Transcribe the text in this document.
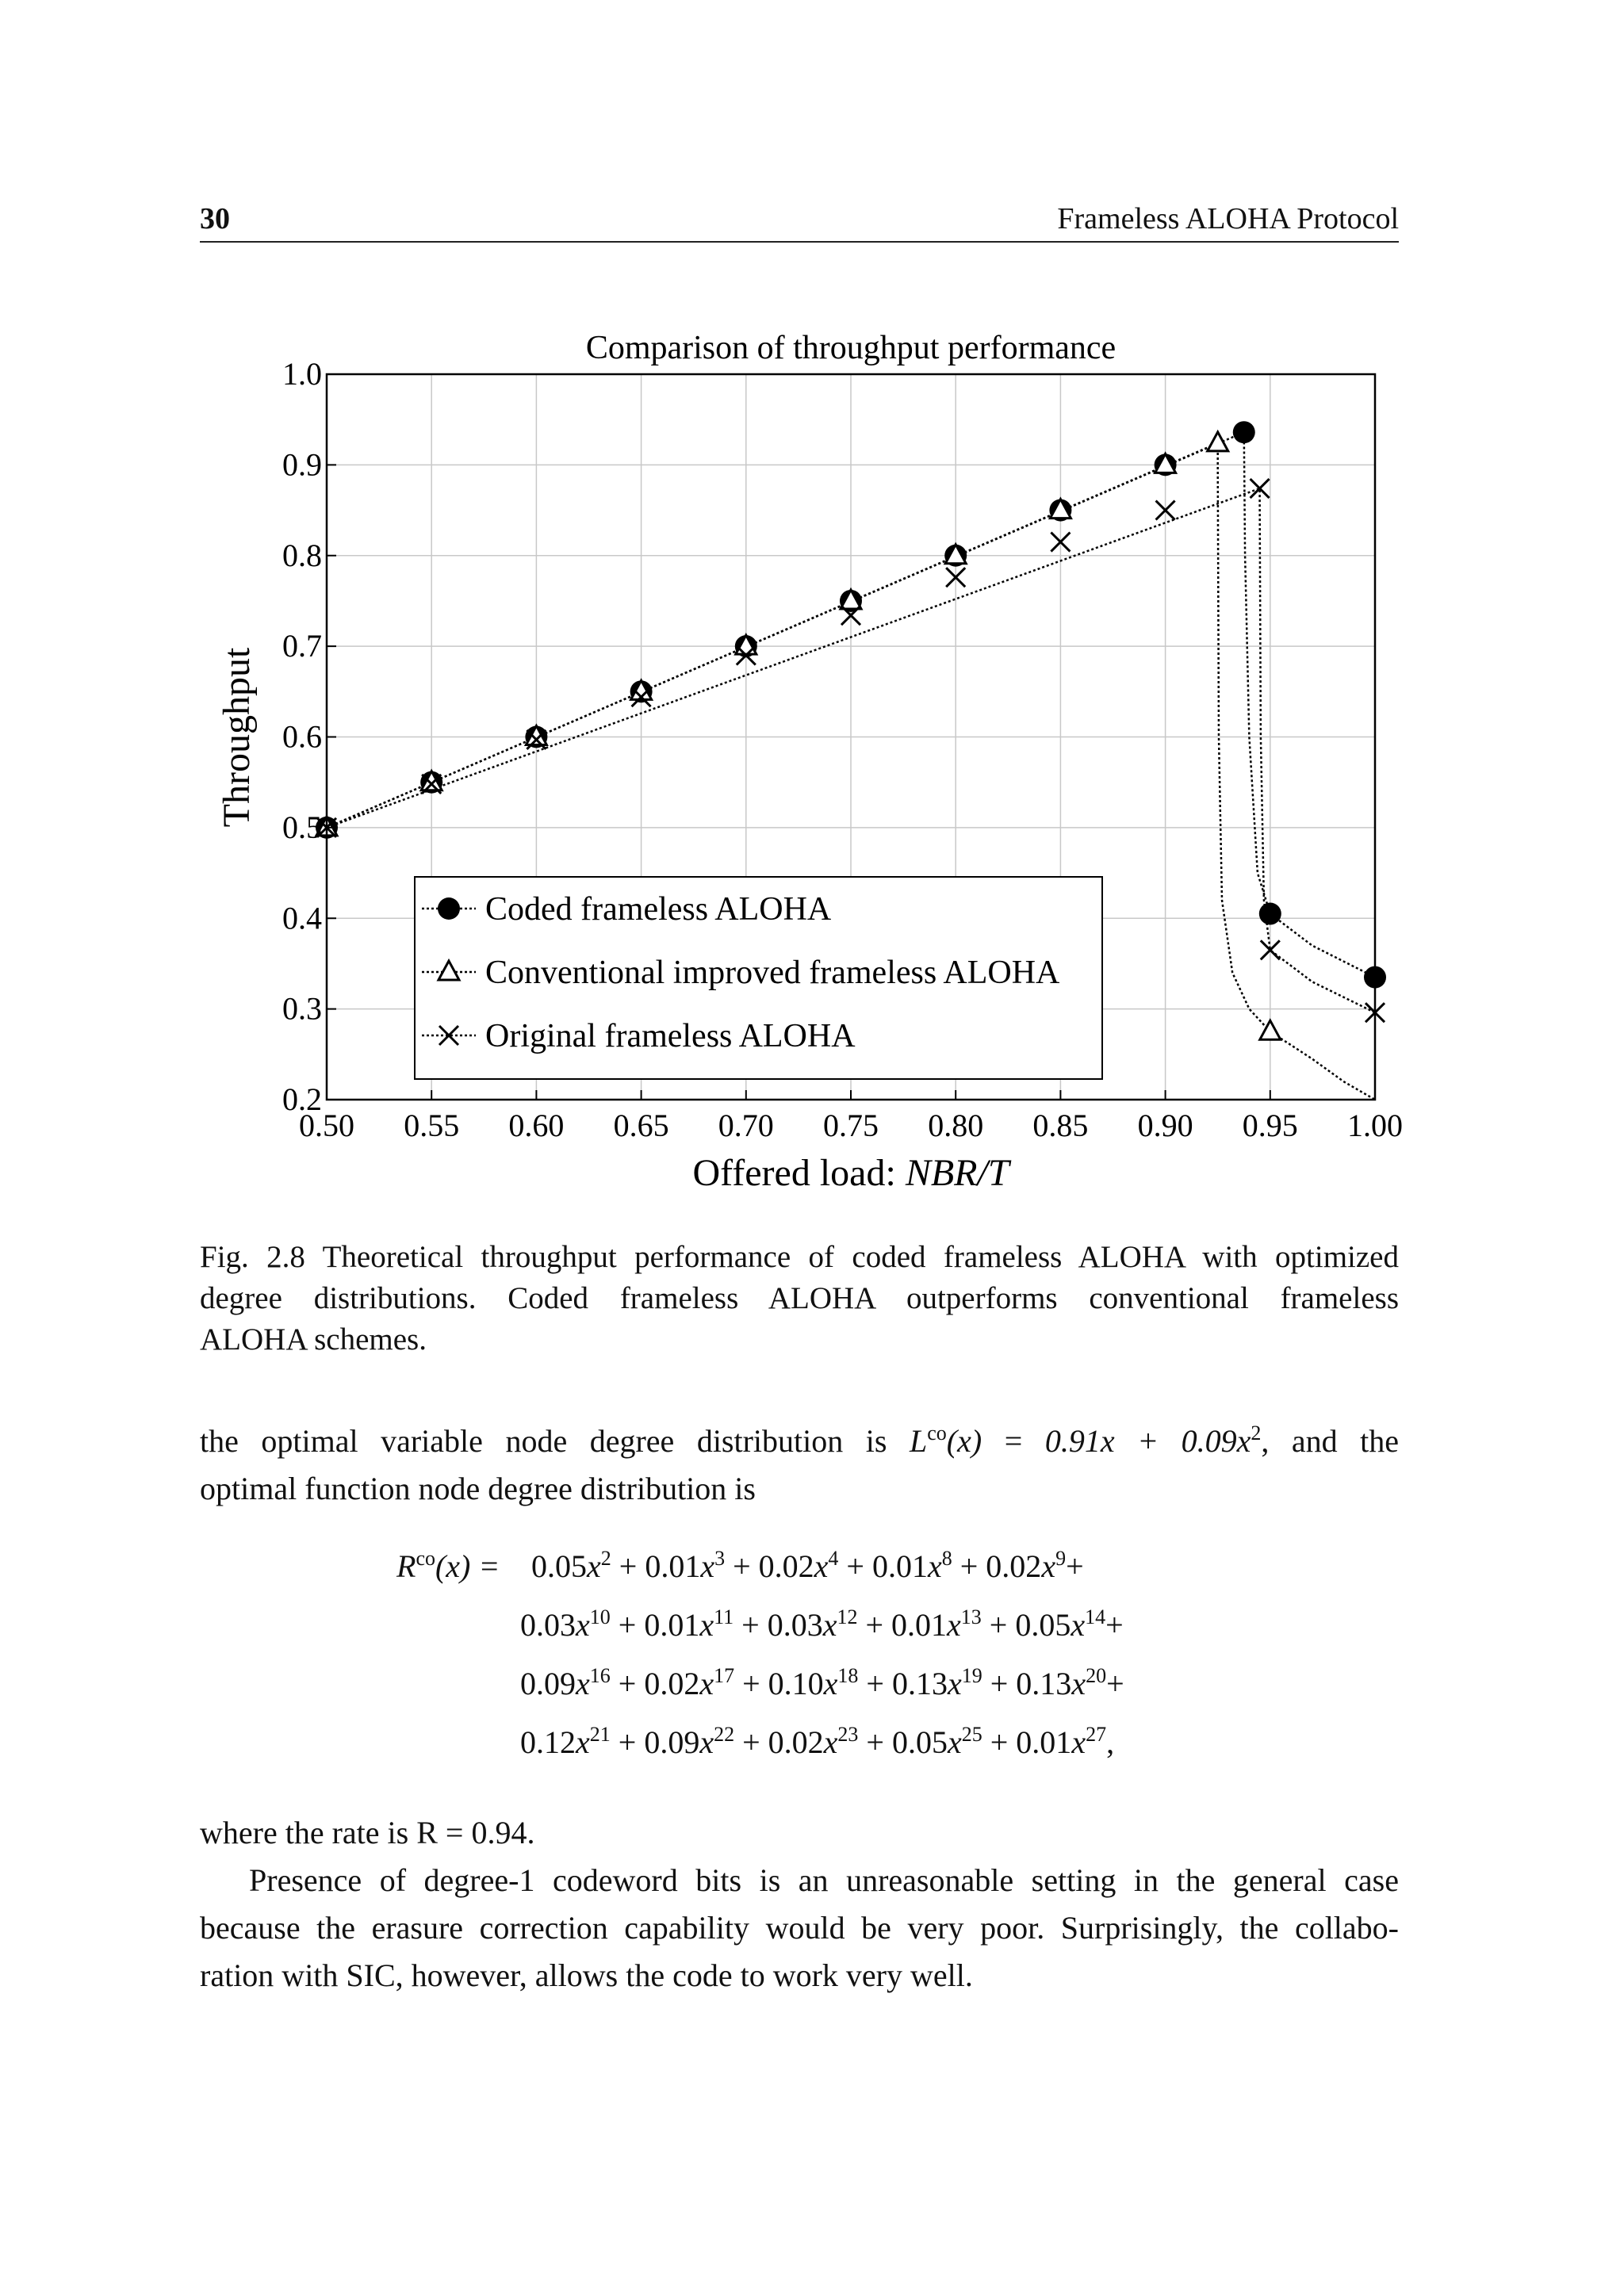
30	Frameless ALOHA Protocol
0.50 0.55 0.60 0.65 0.70 0.75 0.80 0.85 0.90 0.95 1.00
0.2
0.3
0.4
0.5
0.6
0.7
0.8
0.9
1.0
Comparison of throughput performance
Throughput
Offered load: NBR/T
Coded frameless ALOHA
Conventional improved frameless ALOHA
Original frameless ALOHA
Fig. 2.8 Theoretical throughput performance of coded frameless ALOHA with optimized
degree distributions. Coded frameless ALOHA outperforms conventional frameless
ALOHA schemes.
the optimal variable node degree distribution is $L^{co}(x) = 0.91x + 0.09x^2$, and the
optimal function node degree distribution is
$R^{co}(x) = 0.05x^2 + 0.01x^3 + 0.02x^4 + 0.01x^8 + 0.02x^9+$
$0.03x^{10} + 0.01x^{11} + 0.03x^{12} + 0.01x^{13} + 0.05x^{14}+$
$0.09x^{16} + 0.02x^{17} + 0.10x^{18} + 0.13x^{19} + 0.13x^{20}+$
$0.12x^{21} + 0.09x^{22} + 0.02x^{23} + 0.05x^{25} + 0.01x^{27}$,
where the rate is R = 0.94.
Presence of degree-1 codeword bits is an unreasonable setting in the general case
because the erasure correction capability would be very poor. Surprisingly, the collabo-
ration with SIC, however, allows the code to work very well.
